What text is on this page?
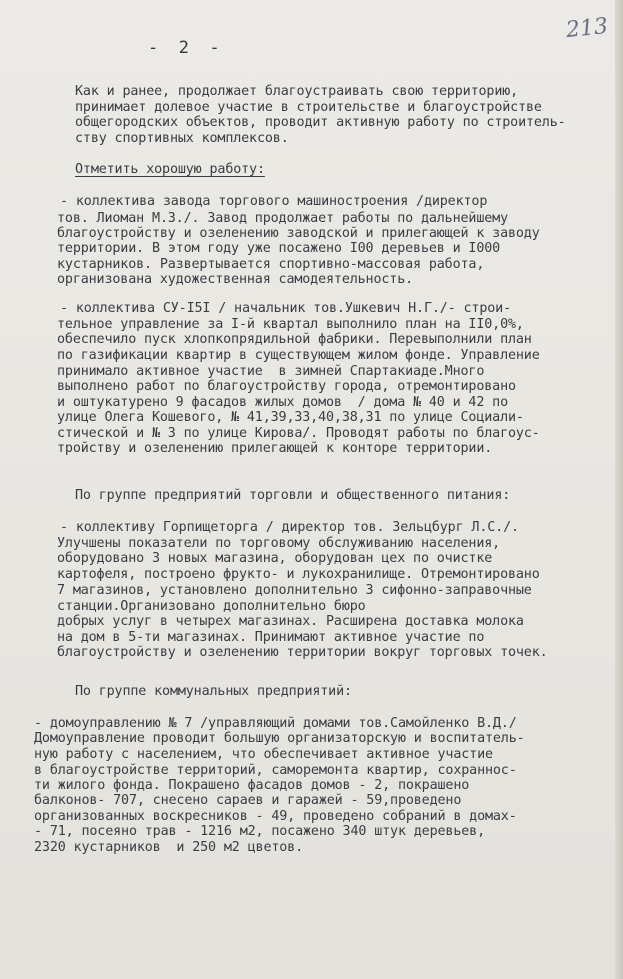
-  2  -
213
Как и ранее, продолжает благоустраивать свою территорию,
принимает долевое участие в строительстве и благоустройстве
общегородских объектов, проводит активную работу по строитель-
ству спортивных комплексов.
Отметить хорошую работу:
- коллектива завода торгового машиностроения /директор
тов. Лиоман М.З./. Завод продолжает работы по дальнейшему
благоустройству и озеленению заводской и прилегающей к заводу
территории. В этом году уже посажено I00 деревьев и I000
кустарников. Развертывается спортивно-массовая работа,
организована художественная самодеятельность.
- коллектива СУ-I5I / начальник тов.Ушкевич Н.Г./- строи-
тельное управление за I-й квартал выполнило план на II0,0%,
обеспечило пуск хлопкопрядильной фабрики. Перевыполнили план
по газификации квартир в существующем жилом фонде. Управление
принимало активное участие  в зимней Спартакиаде.Много
выполнено работ по благоустройству города, отремонтировано
и оштукатурено 9 фасадов жилых домов  / дома № 40 и 42 по
улице Олега Кошевого, № 41,39,33,40,38,31 по улице Социали-
стической и № 3 по улице Кирова/. Проводят работы по благоус-
тройству и озеленению прилегающей к конторе территории.
По группе предприятий торговли и общественного питания:
- коллективу Горпищеторга / директор тов. Зельцбург Л.С./.
Улучшены показатели по торговому обслуживанию населения,
оборудовано 3 новых магазина, оборудован цех по очистке
картофеля, построено фрукто- и лукохранилище. Отремонтировано
7 магазинов, установлено дополнительно 3 сифонно-заправочные
станции.Организовано дополнительно бюро
добрых услуг в четырех магазинах. Расширена доставка молока
на дом в 5-ти магазинах. Принимают активное участие по
благоустройству и озеленению территории вокруг торговых точек.
По группе коммунальных предприятий:
- домоуправлению № 7 /управляющий домами тов.Самойленко В.Д./
Домоуправление проводит большую организаторскую и воспитатель-
ную работу с населением, что обеспечивает активное участие
в благоустройстве территорий, саморемонта квартир, сохраннос-
ти жилого фонда. Покрашено фасадов домов - 2, покрашено
балконов- 707, снесено сараев и гаражей - 59,проведено
организованных воскресников - 49, проведено собраний в домах-
- 71, посеяно трав - 1216 м2, посажено 340 штук деревьев,
2320 кустарников  и 250 м2 цветов.
